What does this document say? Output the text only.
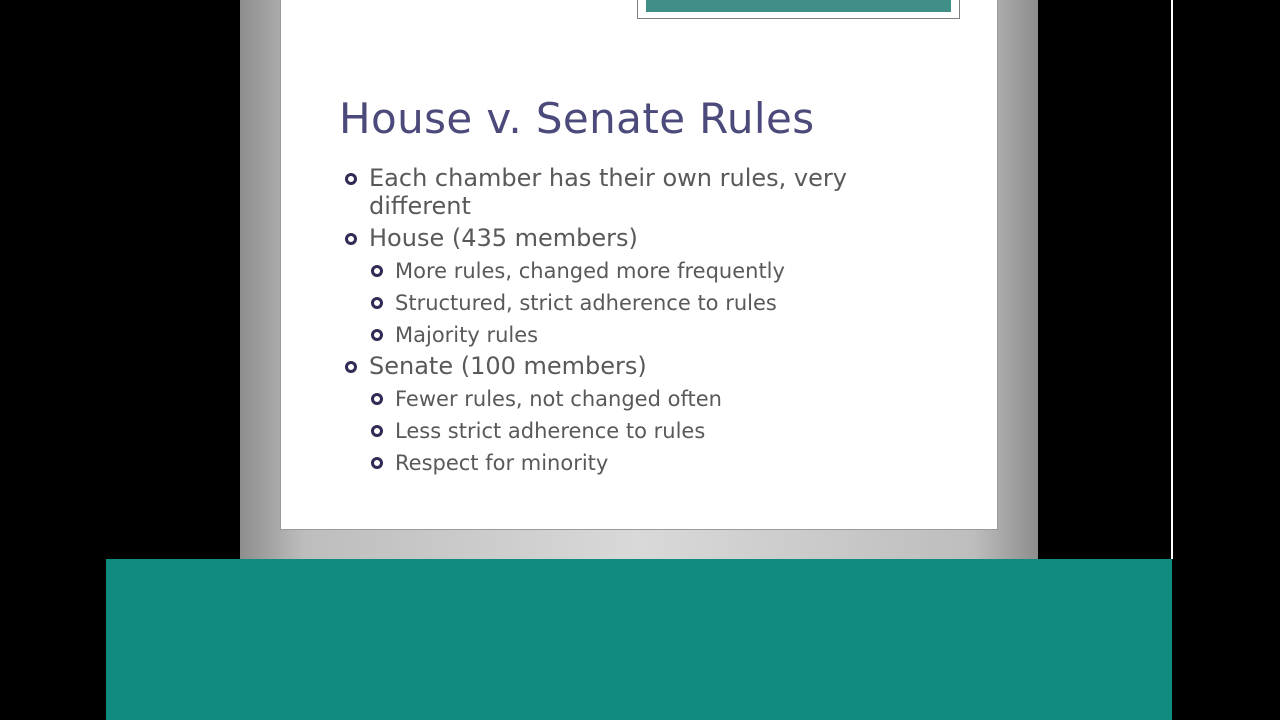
House v. Senate Rules
Each chamber has their own rules, very different
House (435 members)
More rules, changed more frequently
Structured, strict adherence to rules
Majority rules
Senate (100 members)
Fewer rules, not changed often
Less strict adherence to rules
Respect for minority
